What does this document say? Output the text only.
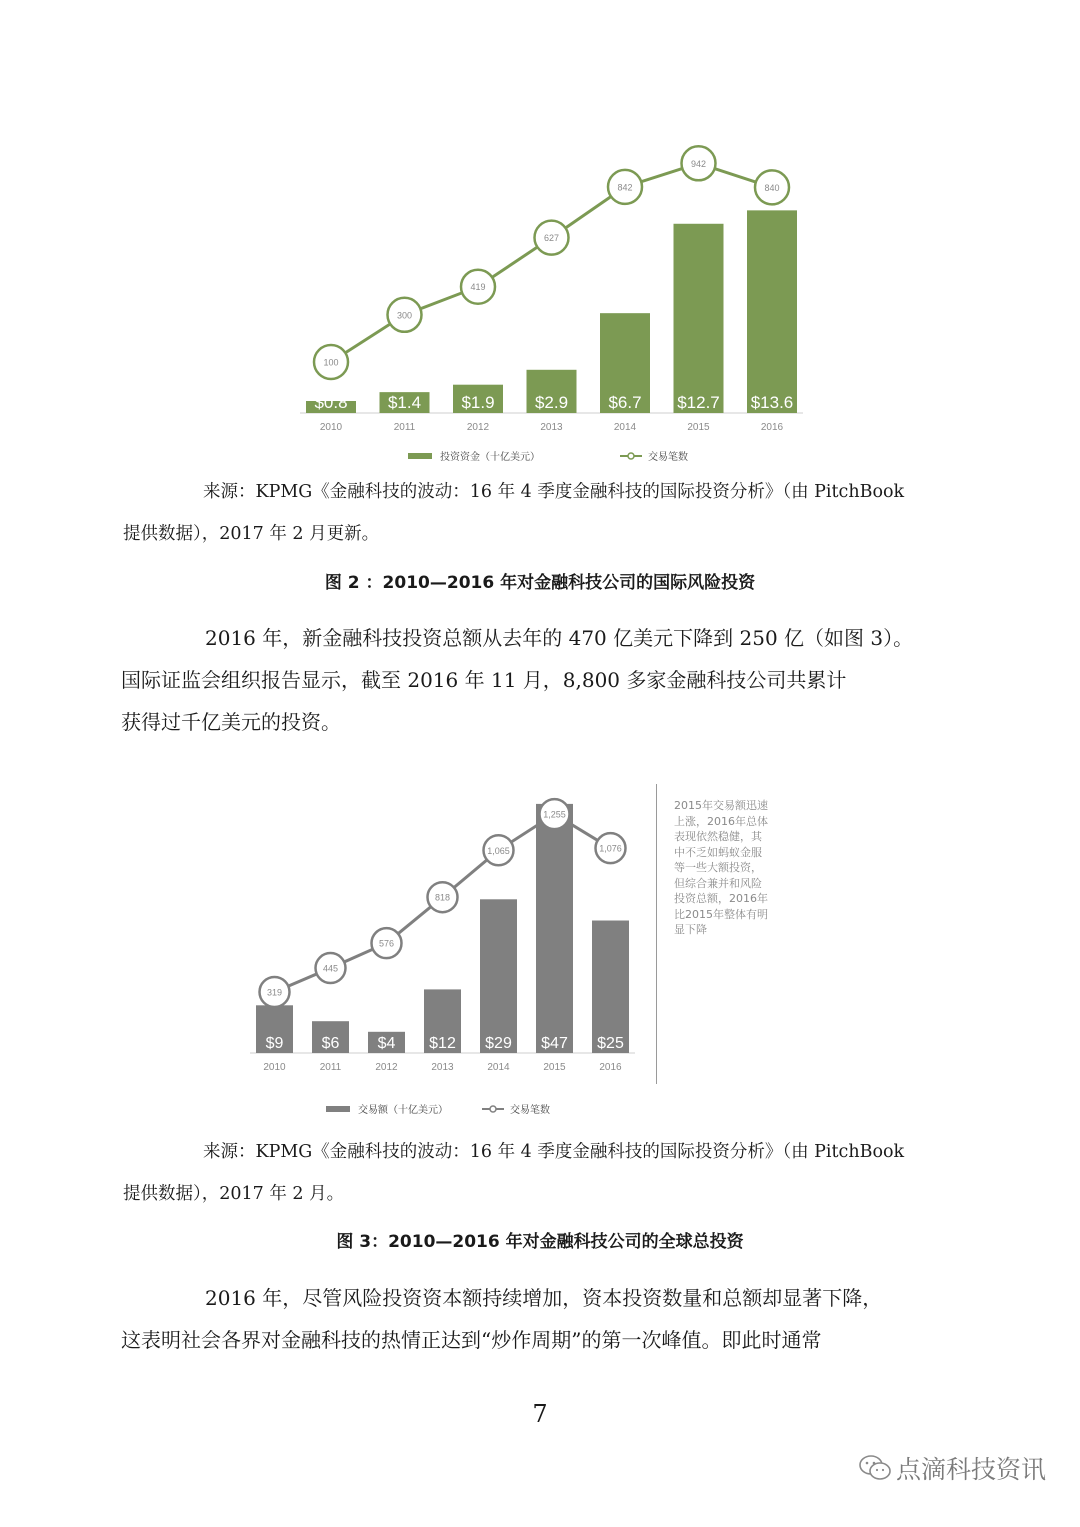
$0.8
2010
$1.4
2011
$1.9
2012
$2.9
2013
$6.7
2014
$12.7
2015
$13.6
2016
100
300
419
627
842
942
840
投资资金（十亿美元）	交易笔数

来源：KPMG《金融科技的波动：16 年 4 季度金融科技的国际投资分析》（由 PitchBook
提供数据），2017 年 2 月更新。

图 2 ：2010—2016 年对金融科技公司的国际风险投资

2016 年，新金融科技投资总额从去年的 470 亿美元下降到 250 亿（如图 3）。
国际证监会组织报告显示，截至 2016 年 11 月，8,800 多家金融科技公司共累计
获得过千亿美元的投资。

$9
2010
$6
2011
$4
2012
$12
2013
$29
2014
$47
2015
$25
2016
319
445
576
818
1,065
1,255
1,076
交易额（十亿美元）	交易笔数
2015年交易额迅速
上涨，2016年总体
表现依然稳健，其
中不乏如蚂蚁金服
等一些大额投资，
但综合兼并和风险
投资总额，2016年
比2015年整体有明
显下降

来源：KPMG《金融科技的波动：16 年 4 季度金融科技的国际投资分析》（由 PitchBook
提供数据），2017 年 2 月。

图 3：2010—2016 年对金融科技公司的全球总投资

2016 年，尽管风险投资资本额持续增加，资本投资数量和总额却显著下降，
这表明社会各界对金融科技的热情正达到“炒作周期”的第一次峰值。即此时通常

7
点滴科技资讯
